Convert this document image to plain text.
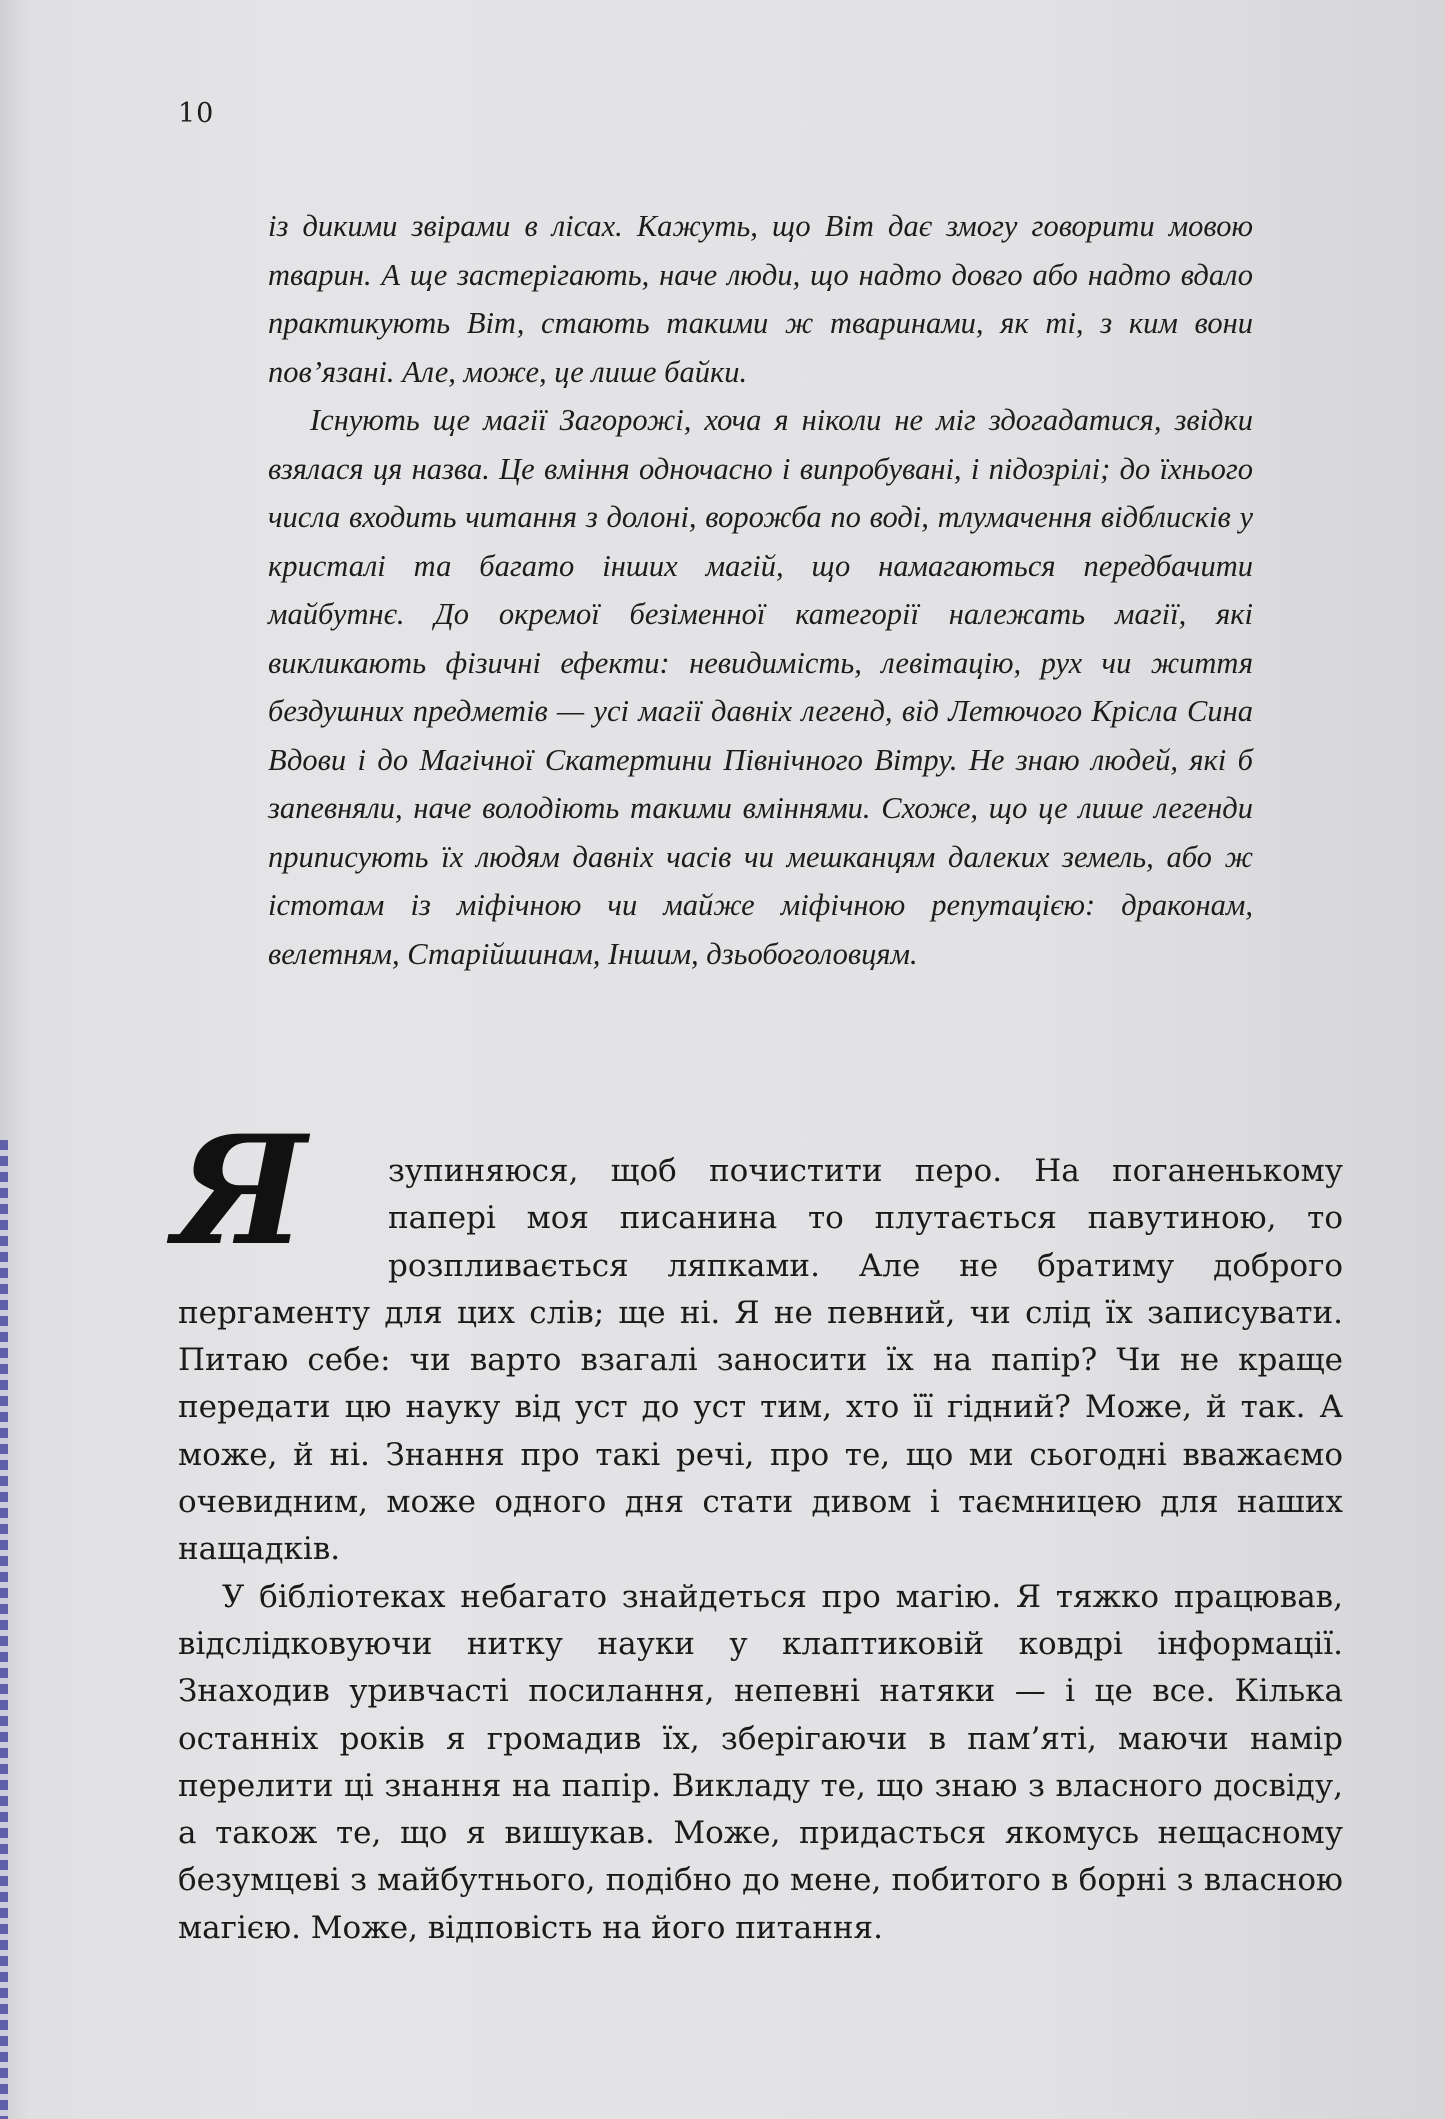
10

із дикими звірами в лісах. Кажуть, що Віт дає змогу говорити мовою тварин. А ще застерігають, наче люди, що надто довго або надто вдало практикують Віт, стають такими ж тваринами, як ті, з ким вони пов’язані. Але, може, це лише байки.

Існують ще магії Загорожі, хоча я ніколи не міг здогадатися, звідки взялася ця назва. Це вміння одночасно і випробувані, і підозрілі; до їхнього числа входить читання з долоні, ворожба по воді, тлумачення відблисків у кристалі та багато інших магій, що намагаються передбачити майбутнє. До окремої безіменної категорії належать магії, які викликають фізичні ефекти: невидимість, левітацію, рух чи життя бездушних предметів — усі магії давніх легенд, від Летючого Крісла Сина Вдови і до Магічної Скатертини Північного Вітру. Не знаю людей, які б запевняли, наче володіють такими вміннями. Схоже, що це лише легенди приписують їх людям давніх часів чи мешканцям далеких земель, або ж істотам із міфічною чи майже міфічною репутацією: драконам, велетням, Старійшинам, Іншим, дзьобоголовцям.

Я	зупиняюся, щоб почистити перо. На поганенькому папері моя писанина то плутається павутиною, то розпливається ляпками. Але не братиму доброго пергаменту для цих слів; ще ні. Я не певний, чи слід їх записувати. Питаю себе: чи варто взагалі заносити їх на папір? Чи не краще передати цю науку від уст до уст тим, хто її гідний? Може, й так. А може, й ні. Знання про такі речі, про те, що ми сьогодні вважаємо очевидним, може одного дня стати дивом і таємницею для наших нащадків.

У бібліотеках небагато знайдеться про магію. Я тяжко працював, відслідковуючи нитку науки у клаптиковій ковдрі інформації. Знаходив уривчасті посилання, непевні натяки — і це все. Кілька останніх років я громадив їх, зберігаючи в пам’яті, маючи намір перелити ці знання на папір. Викладу те, що знаю з власного досвіду, а також те, що я вишукав. Може, придасться якомусь нещасному безумцеві з майбутнього, подібно до мене, побитого в борні з власною магією. Може, відповість на його питання.
